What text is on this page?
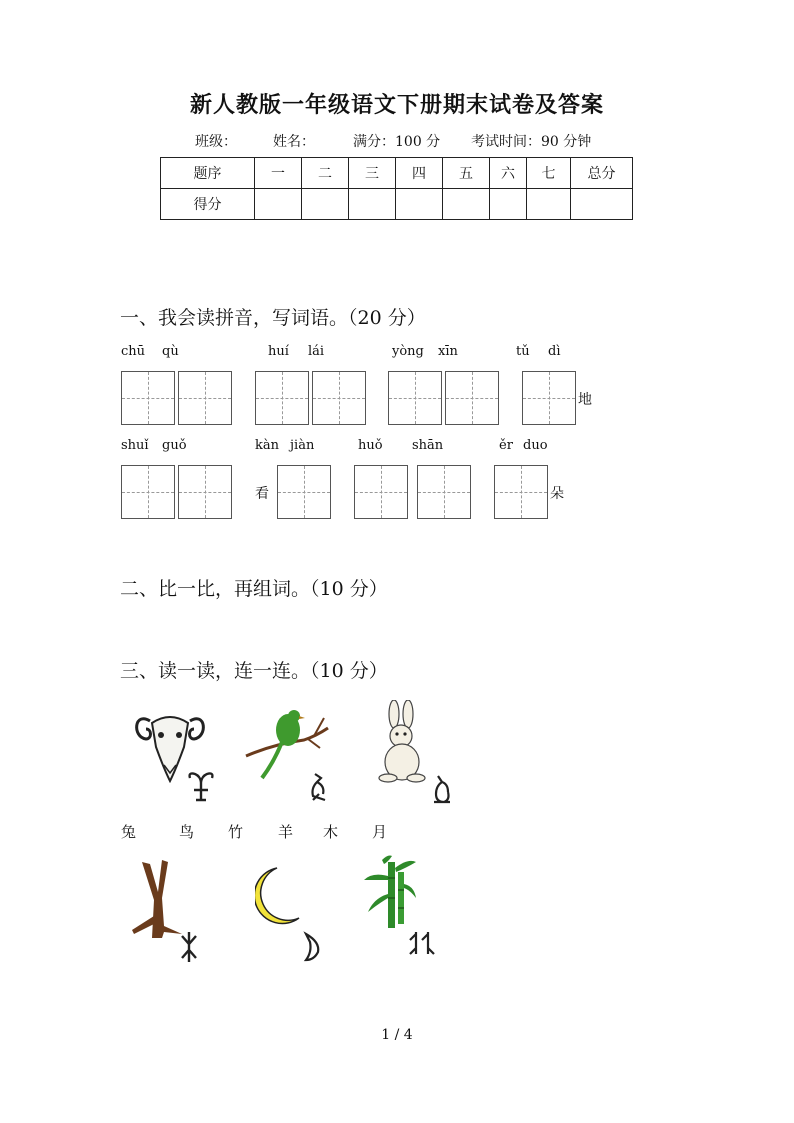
新人教版一年级语文下册期末试卷及答案
班级：	姓名：	满分：100 分 考试时间：90 分钟
题序	一	二	三	四	五	六	七	总分
得分								
一、我会读拼音，写词语。（20 分）
chū qù	huí lái	yòng xīn	tǔ dì
地
shuǐ guǒ	kàn jiàn	huǒ shān	ěr duo
看	朵
二、比一比，再组词。（10 分）
三、读一读，连一连。（10 分）
兔	鸟 竹 羊 木 月
1 / 4
